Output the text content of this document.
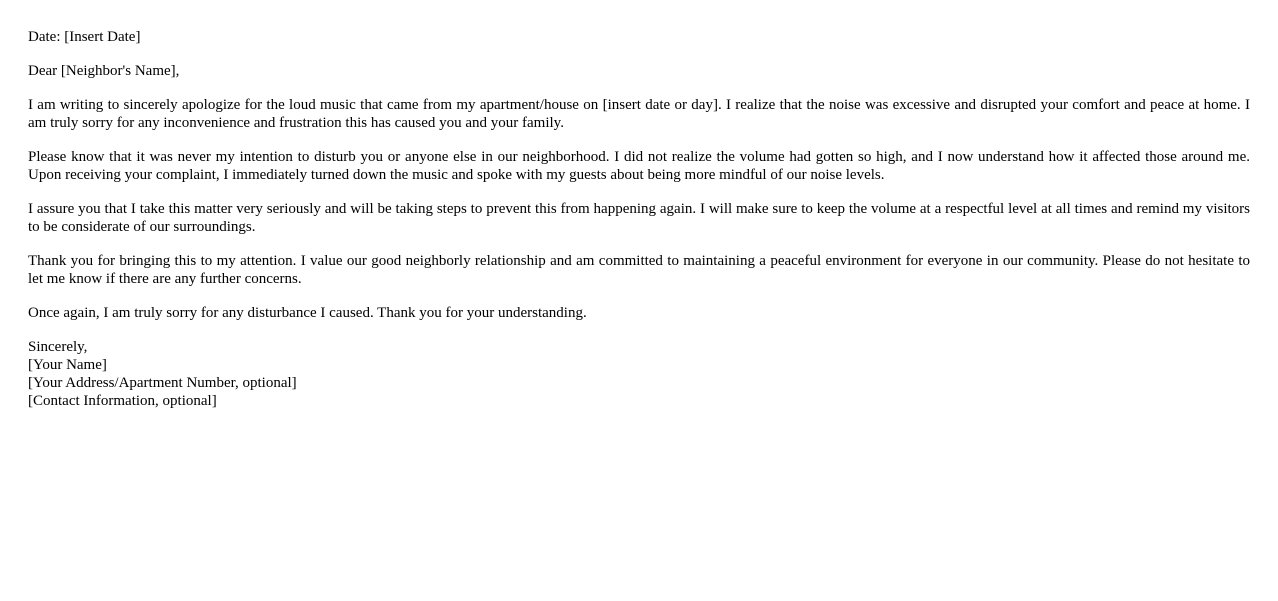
Date: [Insert Date]

Dear [Neighbor's Name],

I am writing to sincerely apologize for the loud music that came from my apartment/house on [insert date or day]. I realize that the noise was excessive and disrupted your comfort and peace at home. I am truly sorry for any inconvenience and frustration this has caused you and your family.

Please know that it was never my intention to disturb you or anyone else in our neighborhood. I did not realize the volume had gotten so high, and I now understand how it affected those around me. Upon receiving your complaint, I immediately turned down the music and spoke with my guests about being more mindful of our noise levels.

I assure you that I take this matter very seriously and will be taking steps to prevent this from happening again. I will make sure to keep the volume at a respectful level at all times and remind my visitors to be considerate of our surroundings.

Thank you for bringing this to my attention. I value our good neighborly relationship and am committed to maintaining a peaceful environment for everyone in our community. Please do not hesitate to let me know if there are any further concerns.

Once again, I am truly sorry for any disturbance I caused. Thank you for your understanding.

Sincerely,
[Your Name]
[Your Address/Apartment Number, optional]
[Contact Information, optional]
